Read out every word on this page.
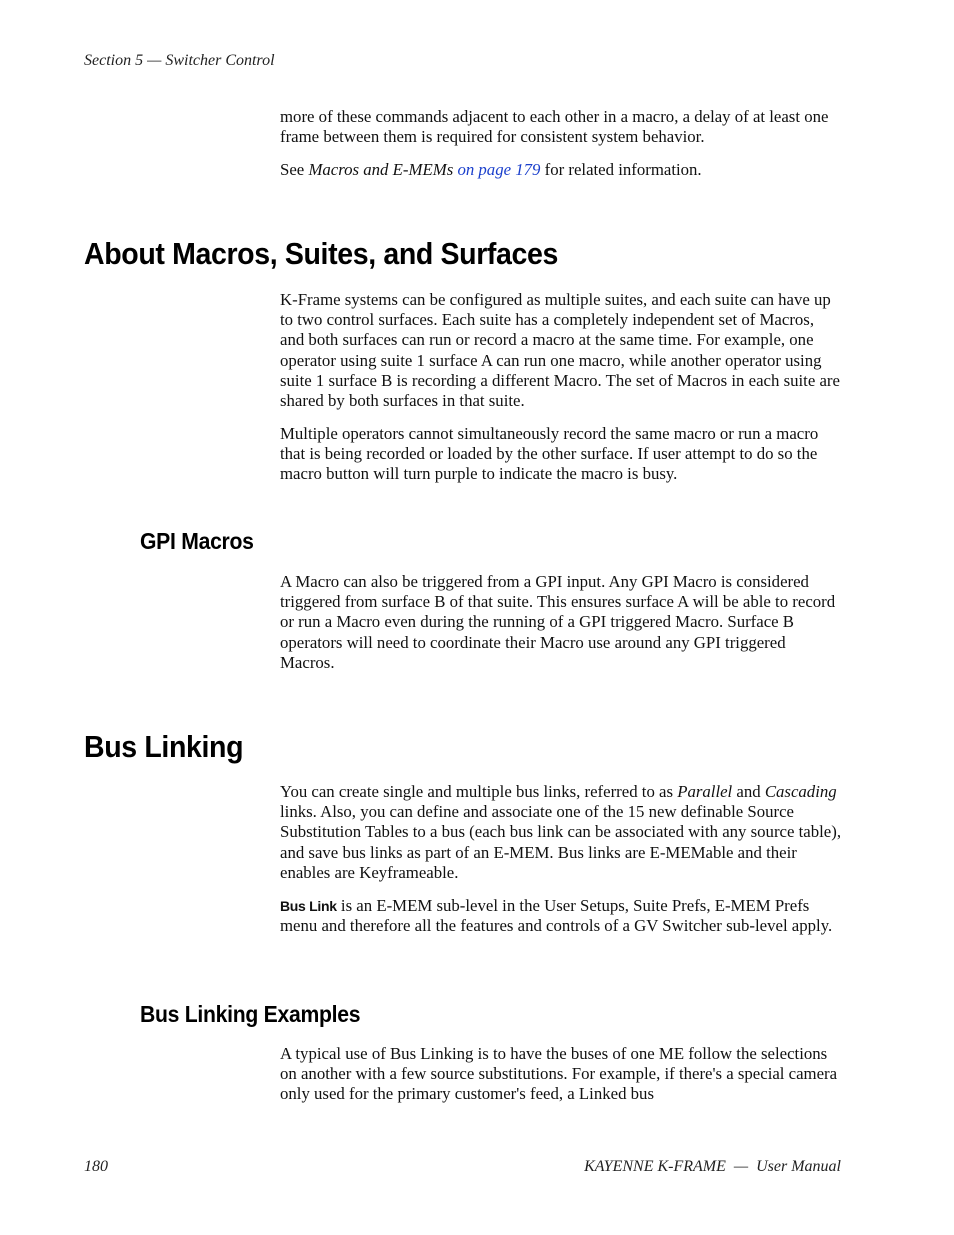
Section 5 — Switcher Control

more of these commands adjacent to each other in a macro, a delay of at least one frame between them is required for consistent system behavior.

See Macros and E-MEMs on page 179 for related information.

About Macros, Suites, and Surfaces

K-Frame systems can be configured as multiple suites, and each suite can have up to two control surfaces. Each suite has a completely independent set of Macros, and both surfaces can run or record a macro at the same time. For example, one operator using suite 1 surface A can run one macro, while another operator using suite 1 surface B is recording a different Macro. The set of Macros in each suite are shared by both surfaces in that suite.

Multiple operators cannot simultaneously record the same macro or run a macro that is being recorded or loaded by the other surface. If user attempt to do so the macro button will turn purple to indicate the macro is busy.

GPI Macros

A Macro can also be triggered from a GPI input. Any GPI Macro is considered triggered from surface B of that suite. This ensures surface A will be able to record or run a Macro even during the running of a GPI triggered Macro. Surface B operators will need to coordinate their Macro use around any GPI triggered Macros.

Bus Linking

You can create single and multiple bus links, referred to as Parallel and Cascading links. Also, you can define and associate one of the 15 new definable Source Substitution Tables to a bus (each bus link can be associated with any source table), and save bus links as part of an E-MEM. Bus links are E-MEMable and their enables are Keyframeable.

Bus Link is an E-MEM sub-level in the User Setups, Suite Prefs, E-MEM Prefs menu and therefore all the features and controls of a GV Switcher sub-level apply.

Bus Linking Examples

A typical use of Bus Linking is to have the buses of one ME follow the selections on another with a few source substitutions. For example, if there's a special camera only used for the primary customer's feed, a Linked bus

180	KAYENNE K-FRAME  —  User Manual
